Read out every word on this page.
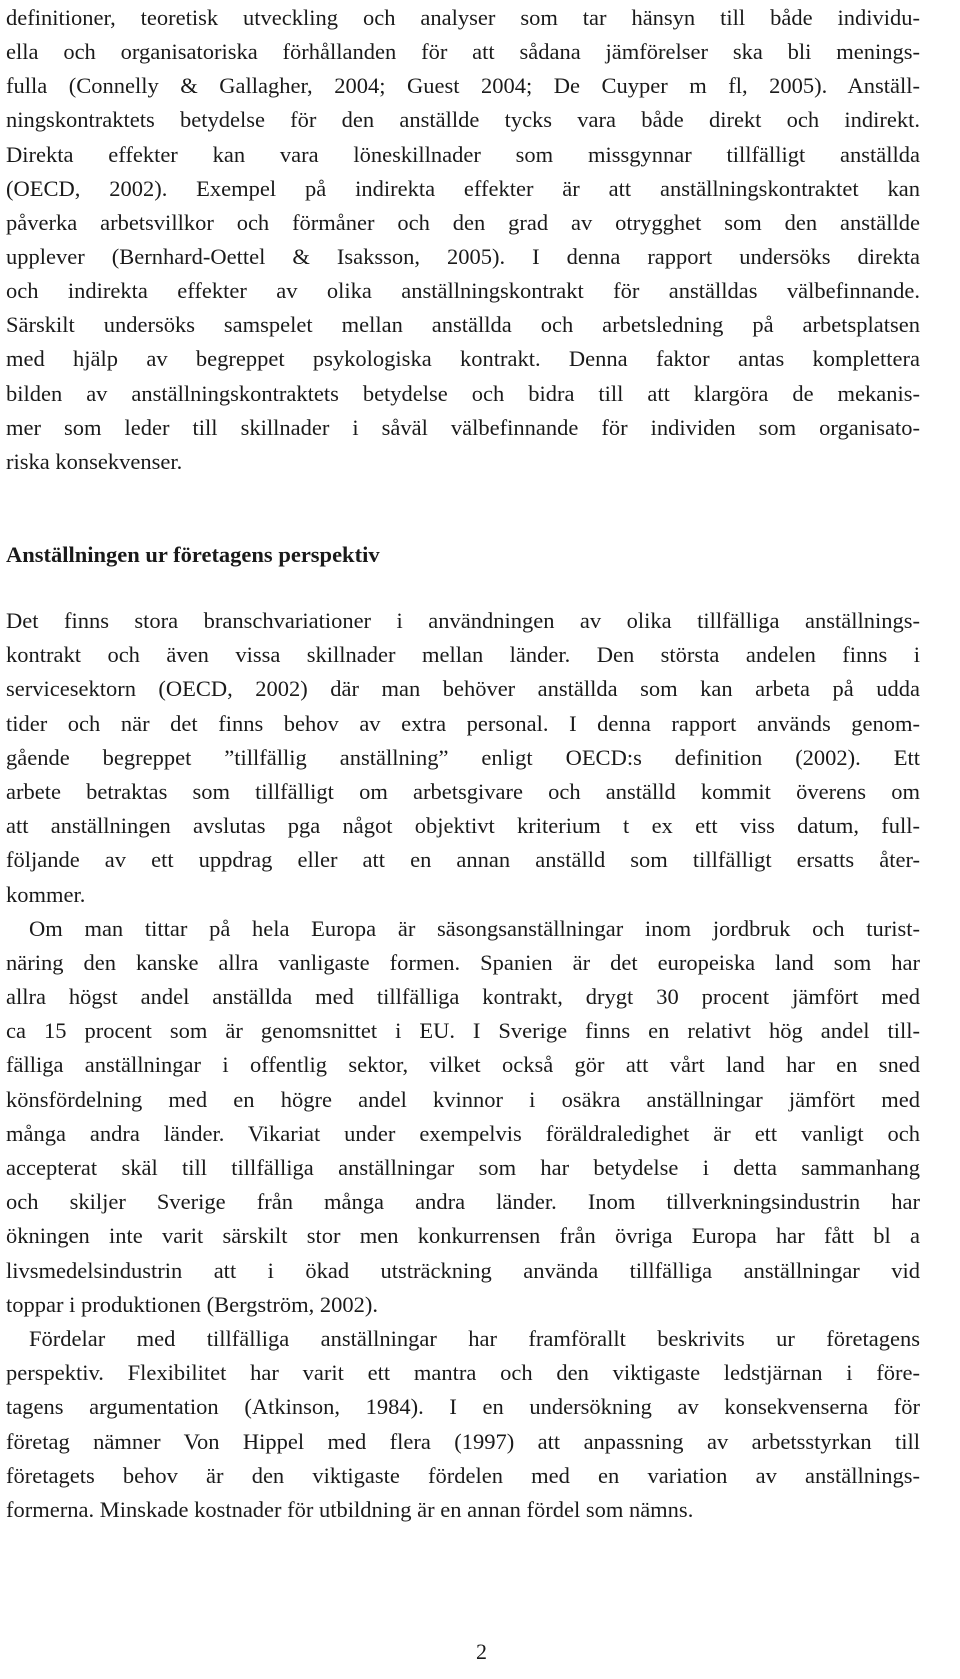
definitioner, teoretisk utveckling och analyser som tar hänsyn till både individu-
ella och organisatoriska förhållanden för att sådana jämförelser ska bli menings-
fulla (Connelly & Gallagher, 2004; Guest 2004; De Cuyper m fl, 2005). Anställ-
ningskontraktets betydelse för den anställde tycks vara både direkt och indirekt.
Direkta effekter kan vara löneskillnader som missgynnar tillfälligt anställda
(OECD, 2002). Exempel på indirekta effekter är att anställningskontraktet kan
påverka arbetsvillkor och förmåner och den grad av otrygghet som den anställde
upplever (Bernhard-Oettel & Isaksson, 2005). I denna rapport undersöks direkta
och indirekta effekter av olika anställningskontrakt för anställdas välbefinnande.
Särskilt undersöks samspelet mellan anställda och arbetsledning på arbetsplatsen
med hjälp av begreppet psykologiska kontrakt. Denna faktor antas komplettera
bilden av anställningskontraktets betydelse och bidra till att klargöra de mekanis-
mer som leder till skillnader i såväl välbefinnande för individen som organisato-
riska konsekvenser.
Anställningen ur företagens perspektiv
Det finns stora branschvariationer i användningen av olika tillfälliga anställnings-
kontrakt och även vissa skillnader mellan länder. Den största andelen finns i
servicesektorn (OECD, 2002) där man behöver anställda som kan arbeta på udda
tider och när det finns behov av extra personal. I denna rapport används genom-
gående begreppet ”tillfällig anställning” enligt OECD:s definition (2002). Ett
arbete betraktas som tillfälligt om arbetsgivare och anställd kommit överens om
att anställningen avslutas pga något objektivt kriterium t ex ett viss datum, full-
följande av ett uppdrag eller att en annan anställd som tillfälligt ersatts åter-
kommer.
Om man tittar på hela Europa är säsongsanställningar inom jordbruk och turist-
näring den kanske allra vanligaste formen. Spanien är det europeiska land som har
allra högst andel anställda med tillfälliga kontrakt, drygt 30 procent jämfört med
ca 15 procent som är genomsnittet i EU. I Sverige finns en relativt hög andel till-
fälliga anställningar i offentlig sektor, vilket också gör att vårt land har en sned
könsfördelning med en högre andel kvinnor i osäkra anställningar jämfört med
många andra länder. Vikariat under exempelvis föräldraledighet är ett vanligt och
accepterat skäl till tillfälliga anställningar som har betydelse i detta sammanhang
och skiljer Sverige från många andra länder. Inom tillverkningsindustrin har
ökningen inte varit särskilt stor men konkurrensen från övriga Europa har fått bl a
livsmedelsindustrin att i ökad utsträckning använda tillfälliga anställningar vid
toppar i produktionen (Bergström, 2002).
Fördelar med tillfälliga anställningar har framförallt beskrivits ur företagens
perspektiv. Flexibilitet har varit ett mantra och den viktigaste ledstjärnan i före-
tagens argumentation (Atkinson, 1984). I en undersökning av konsekvenserna för
företag nämner Von Hippel med flera (1997) att anpassning av arbetsstyrkan till
företagets behov är den viktigaste fördelen med en variation av anställnings-
formerna. Minskade kostnader för utbildning är en annan fördel som nämns.
2
